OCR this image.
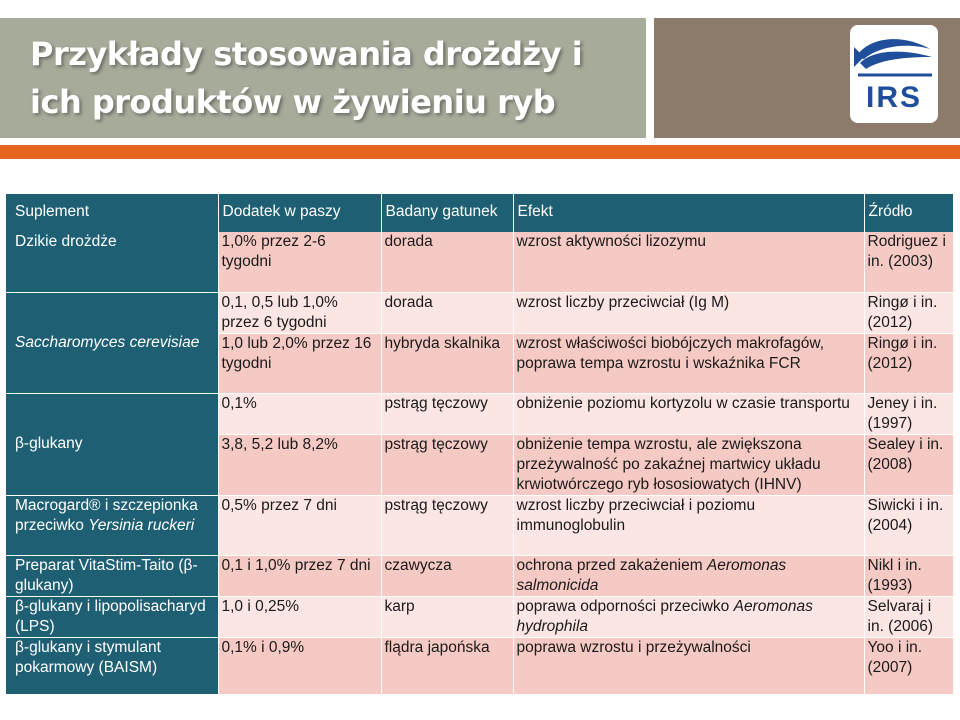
Przykłady stosowania drożdży i ich produktów w żywieniu ryb	IRS
Suplement	Dodatek w paszy	Badany gatunek	Efekt	Źródło
Dzikie drożdże	1,0% przez 2-6 tygodni	dorada	wzrost aktywności lizozymu	Rodriguez i in. (2003)
Saccharomyces cerevisiae	0,1, 0,5 lub 1,0% przez 6 tygodni	dorada	wzrost liczby przeciwciał (Ig M)	Ringø i in. (2012)
	1,0 lub 2,0% przez 16 tygodni	hybryda skalnika	wzrost właściwości biobójczych makrofagów, poprawa tempa wzrostu i wskaźnika FCR	Ringø i in. (2012)
β-glukany	0,1%	pstrąg tęczowy	obniżenie poziomu kortyzolu w czasie transportu	Jeney i in. (1997)
	3,8, 5,2 lub 8,2%	pstrąg tęczowy	obniżenie tempa wzrostu, ale zwiększona przeżywalność po zakaźnej martwicy układu krwiotwórczego ryb łososiowatych (IHNV)	Sealey i in. (2008)
Macrogard® i szczepionka przeciwko Yersinia ruckeri	0,5% przez 7 dni	pstrąg tęczowy	wzrost liczby przeciwciał i poziomu immunoglobulin	Siwicki i in. (2004)
Preparat VitaStim-Taito (β-glukany)	0,1 i 1,0% przez 7 dni	czawycza	ochrona przed zakażeniem Aeromonas salmonicida	Nikl i in. (1993)
β-glukany i lipopolisacharyd (LPS)	1,0 i 0,25%	karp	poprawa odporności przeciwko Aeromonas hydrophila	Selvaraj i in. (2006)
β-glukany i stymulant pokarmowy (BAISM)	0,1% i 0,9%	flądra japońska	poprawa wzrostu i przeżywalności	Yoo i in. (2007)
